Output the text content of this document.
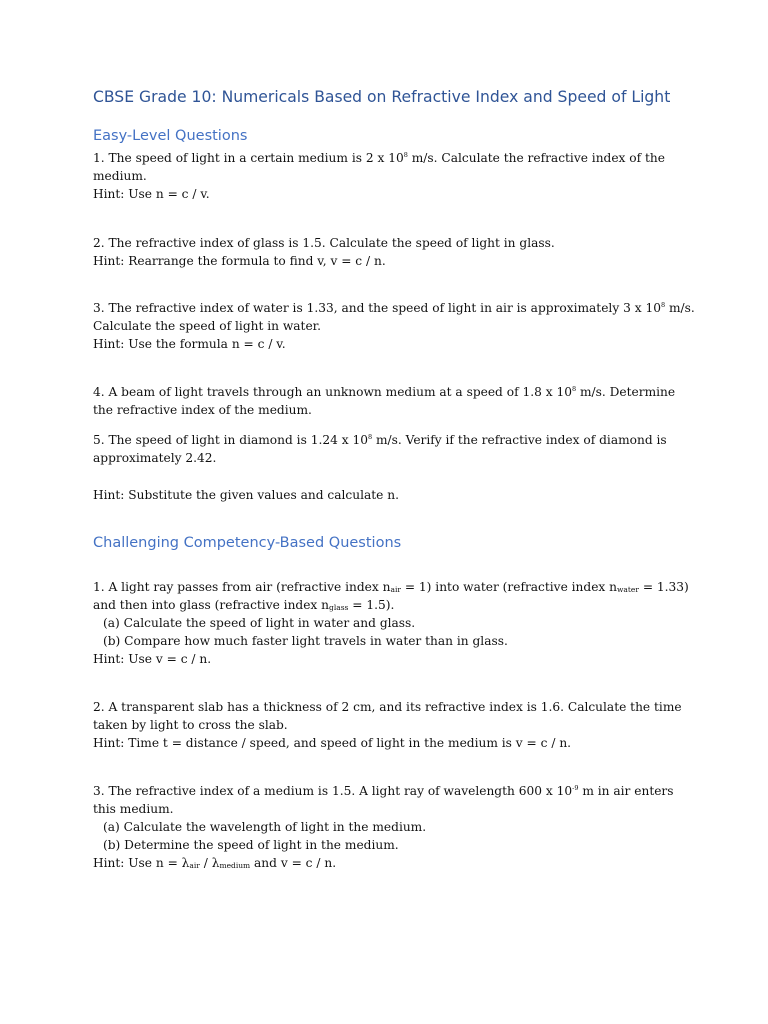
CBSE Grade 10: Numericals Based on Refractive Index and Speed of Light
Easy-Level Questions
1. The speed of light in a certain medium is 2 x $10^8$ m/s. Calculate the refractive index of the
medium.
Hint: Use n = c / v.
2. The refractive index of glass is 1.5. Calculate the speed of light in glass.
Hint: Rearrange the formula to find v, v = c / n.
3. The refractive index of water is 1.33, and the speed of light in air is approximately 3 x $10^8$ m/s.
Calculate the speed of light in water.
Hint: Use the formula n = c / v.
4. A beam of light travels through an unknown medium at a speed of 1.8 x $10^8$ m/s. Determine
the refractive index of the medium.
5. The speed of light in diamond is 1.24 x $10^8$ m/s. Verify if the refractive index of diamond is
approximately 2.42.
Hint: Substitute the given values and calculate n.
Challenging Competency-Based Questions
1. A light ray passes from air (refractive index $n_{air} = 1$) into water (refractive index $n_{water} = 1.33$)
and then into glass (refractive index $n_{glass} = 1.5$).
(a) Calculate the speed of light in water and glass.
(b) Compare how much faster light travels in water than in glass.
Hint: Use v = c / n.
2. A transparent slab has a thickness of 2 cm, and its refractive index is 1.6. Calculate the time
taken by light to cross the slab.
Hint: Time t = distance / speed, and speed of light in the medium is v = c / n.
3. The refractive index of a medium is 1.5. A light ray of wavelength 600 x $10^{-9}$ m in air enters
this medium.
(a) Calculate the wavelength of light in the medium.
(b) Determine the speed of light in the medium.
Hint: Use $n = \lambda_{air} / \lambda_{medium}$ and v = c / n.
